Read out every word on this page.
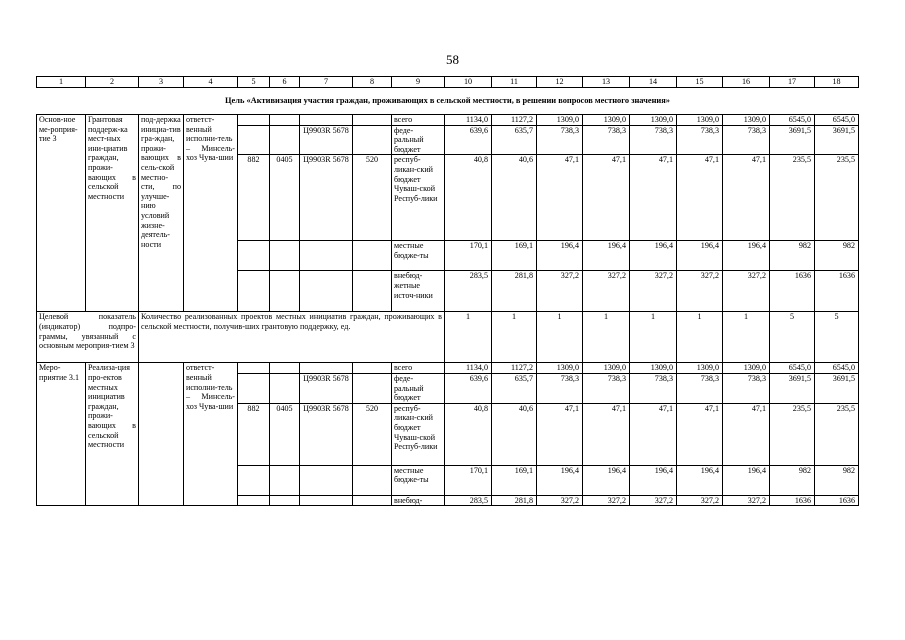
58
1	2	3	4	5	6	7	8	9	10	11	12	13	14	15	16	17	18
Цель «Активизация участия граждан, проживающих в сельской местности, в решении вопросов местного значения»																	
Основ-ное ме-роприя-тие 3	Грантовая поддерж-ка мест-ных ини-циатив граждан, прожи-вающих в сельской местности	под-держка инициа-тив гра-ждан, прожи-вающих в сель-ской местно-сти, по улучше-нию условий жизне-деятель-ности	ответст-венный исполни-тель – Минсель-хоз Чува-шии					всего	1134,0	1127,2	1309,0	1309,0	1309,0	1309,0	1309,0	6545,0	6545,0
						Ц9903R 5678		феде-ральный бюджет	639,6	635,7	738,3	738,3	738,3	738,3	738,3	3691,5	3691,5
				882	0405	Ц9903R 5678	520	респуб-ликан-ский бюджет Чуваш-ской Респуб-лики	40,8	40,6	47,1	47,1	47,1	47,1	47,1	235,5	235,5
								местные бюдже-ты	170,1	169,1	196,4	196,4	196,4	196,4	196,4	982	982
								внебюд-жетные источ-ники	283,5	281,8	327,2	327,2	327,2	327,2	327,2	1636	1636
Целевой показатель (индикатор) подпро-граммы, увязанный с основным мероприя-тием 3		Количество реализованных проектов местных инициатив граждан, проживающих в сельской местности, получив-ших грантовую поддержку, ед.							1	1	1	1	1	1	1	5	5
Меро-приятие 3.1	Реализа-ция про-ектов местных инициатив граждан, прожи-вающих в сельской местности		ответст-венный исполни-тель – Минсель-хоз Чува-шии					всего	1134,0	1127,2	1309,0	1309,0	1309,0	1309,0	1309,0	6545,0	6545,0
						Ц9903R 5678		феде-ральный бюджет	639,6	635,7	738,3	738,3	738,3	738,3	738,3	3691,5	3691,5
				882	0405	Ц9903R 5678	520	респуб-ликан-ский бюджет Чуваш-ской Респуб-лики	40,8	40,6	47,1	47,1	47,1	47,1	47,1	235,5	235,5
								местные бюдже-ты	170,1	169,1	196,4	196,4	196,4	196,4	196,4	982	982
								внебюд-	283,5	281,8	327,2	327,2	327,2	327,2	327,2	1636	1636
